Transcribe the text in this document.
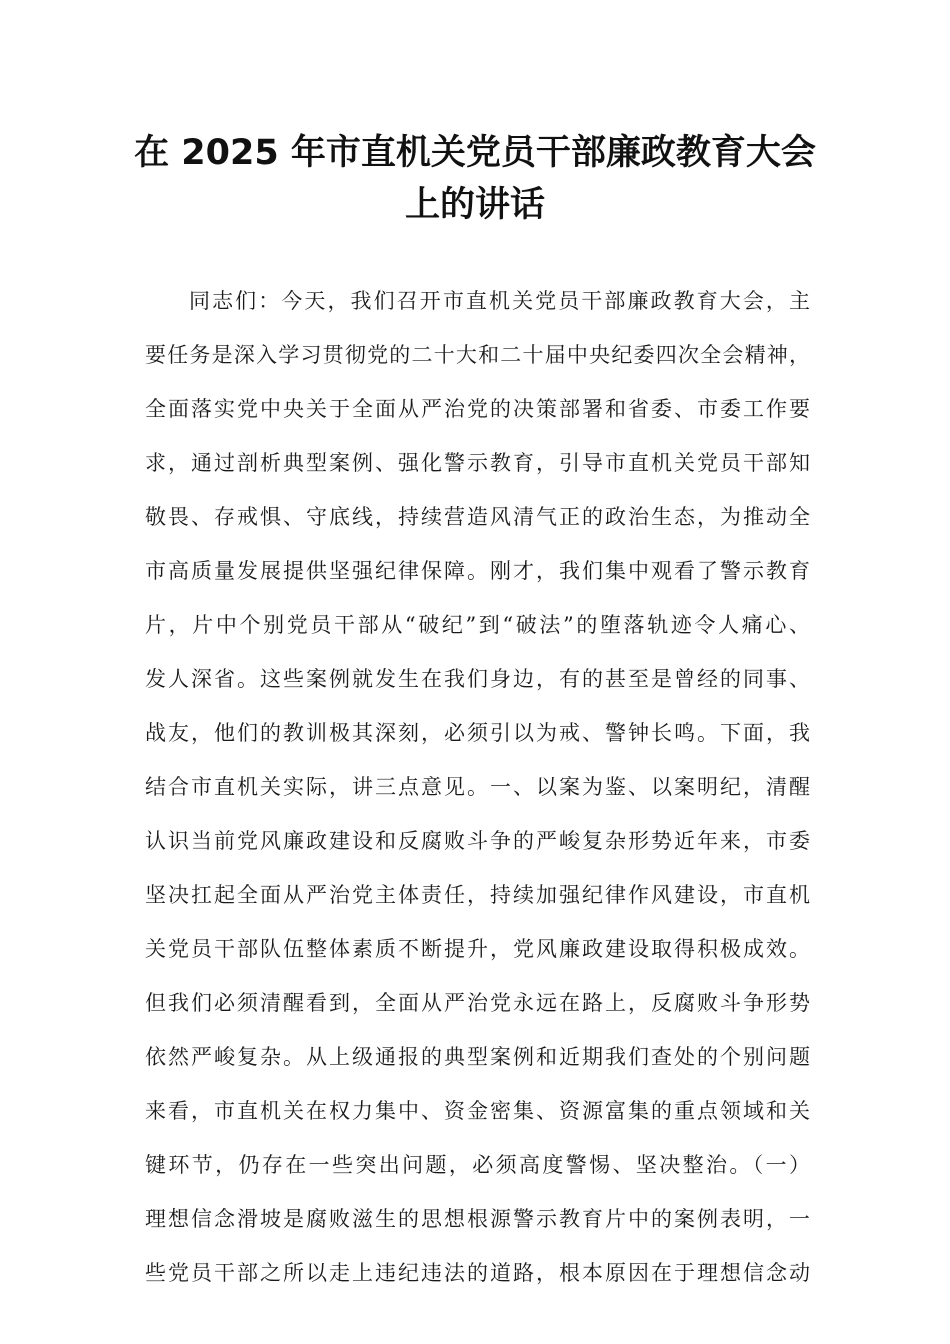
在 2025 年市直机关党员干部廉政教育大会
上的讲话
同志们：今天，我们召开市直机关党员干部廉政教育大会，主
要任务是深入学习贯彻党的二十大和二十届中央纪委四次全会精神，
全面落实党中央关于全面从严治党的决策部署和省委、市委工作要
求，通过剖析典型案例、强化警示教育，引导市直机关党员干部知
敬畏、存戒惧、守底线，持续营造风清气正的政治生态，为推动全
市高质量发展提供坚强纪律保障。刚才，我们集中观看了警示教育
片，片中个别党员干部从“破纪”到“破法”的堕落轨迹令人痛心、
发人深省。这些案例就发生在我们身边，有的甚至是曾经的同事、
战友，他们的教训极其深刻，必须引以为戒、警钟长鸣。下面，我
结合市直机关实际，讲三点意见。一、以案为鉴、以案明纪，清醒
认识当前党风廉政建设和反腐败斗争的严峻复杂形势近年来，市委
坚决扛起全面从严治党主体责任，持续加强纪律作风建设，市直机
关党员干部队伍整体素质不断提升，党风廉政建设取得积极成效。
但我们必须清醒看到，全面从严治党永远在路上，反腐败斗争形势
依然严峻复杂。从上级通报的典型案例和近期我们查处的个别问题
来看，市直机关在权力集中、资金密集、资源富集的重点领域和关
键环节，仍存在一些突出问题，必须高度警惕、坚决整治。（一）
理想信念滑坡是腐败滋生的思想根源警示教育片中的案例表明，一
些党员干部之所以走上违纪违法的道路，根本原因在于理想信念动
